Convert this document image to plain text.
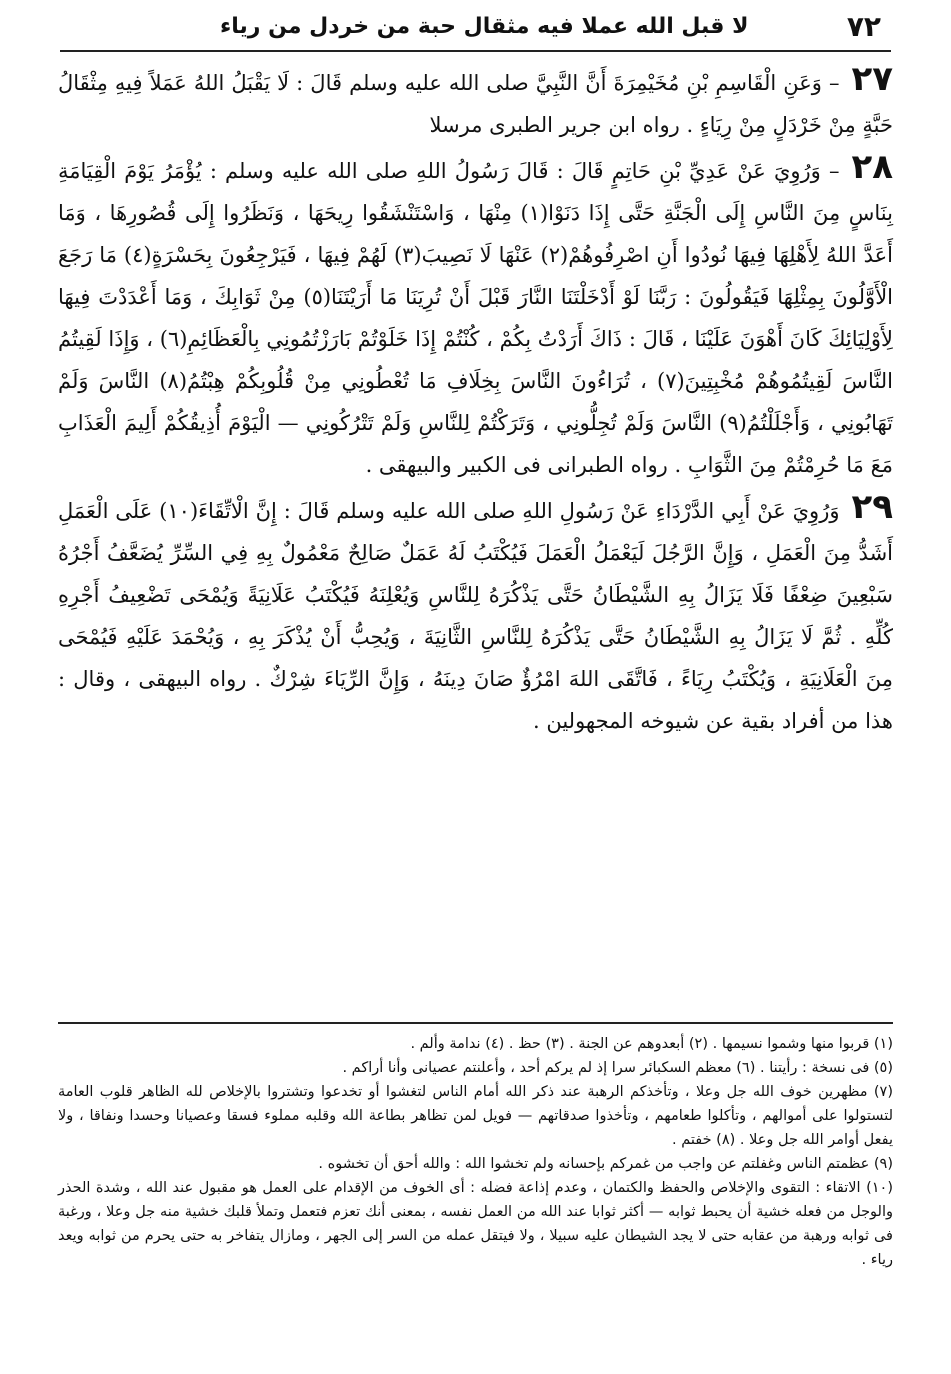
٧٢
لا قبل الله عملا فيه مثقال حبة من خردل من رياء

٢٧– وَعَنِ الْقَاسِمِ بْنِ مُخَيْمِرَةَ أَنَّ النَّبِيَّ صلى الله عليه وسلم قَالَ : لَا يَقْبَلُ اللهُ عَمَلاً فِيهِ مِثْقَالُ حَبَّةٍ مِنْ خَرْدَلٍ مِنْ رِيَاءٍ . رواه ابن جرير الطبرى مرسلا

٢٨– وَرُوِيَ عَنْ عَدِيِّ بْنِ حَاتِمٍ قَالَ : قَالَ رَسُولُ اللهِ صلى الله عليه وسلم : يُؤْمَرُ يَوْمَ الْقِيَامَةِ بِنَاسٍ مِنَ النَّاسِ إِلَى الْجَنَّةِ حَتَّى إِذَا دَنَوْا(١) مِنْهَا ، وَاسْتَنْشَقُوا رِيحَهَا ، وَنَظَرُوا إِلَى قُصُورِهَا ، وَمَا أَعَدَّ اللهُ لِأَهْلِهَا فِيهَا نُودُوا أَنِ اصْرِفُوهُمْ(٢) عَنْهَا لَا نَصِيبَ(٣) لَهُمْ فِيهَا ، فَيَرْجِعُونَ بِحَسْرَةٍ(٤) مَا رَجَعَ الْأَوَّلُونَ بِمِثْلِهَا فَيَقُولُونَ : رَبَّنَا لَوْ أَدْخَلْتَنَا النَّارَ قَبْلَ أَنْ تُرِيَنَا مَا أَرَيْتَنَا(٥) مِنْ ثَوَابِكَ ، وَمَا أَعْدَدْتَ فِيهَا لِأَوْلِيَائِكَ كَانَ أَهْوَنَ عَلَيْنَا ، قَالَ : ذَاكَ أَرَدْتُ بِكُمْ ، كُنْتُمْ إِذَا خَلَوْتُمْ بَارَزْتُمُونِي بِالْعَظَائِمِ(٦) ، وَإِذَا لَقِيتُمُ النَّاسَ لَقِيتُمُوهُمْ مُخْبِتِينَ(٧) ، تُرَاءُونَ النَّاسَ بِخِلَافِ مَا تُعْطُونِي مِنْ قُلُوبِكُمْ هِبْتُمُ(٨) النَّاسَ وَلَمْ تَهَابُونِي ، وَأَجْلَلْتُمُ(٩) النَّاسَ وَلَمْ تُجِلُّونِي ، وَتَرَكْتُمْ لِلنَّاسِ وَلَمْ تَتْرُكُونِي — الْيَوْمَ أُذِيقُكُمْ أَلِيمَ الْعَذَابِ مَعَ مَا حُرِمْتُمْ مِنَ الثَّوَابِ . رواه الطبرانى فى الكبير والبيهقى .

٢٩وَرُوِيَ عَنْ أَبِي الدَّرْدَاءِ عَنْ رَسُولِ اللهِ صلى الله عليه وسلم قَالَ : إِنَّ الْاتِّقَاءَ(١٠) عَلَى الْعَمَلِ أَشَدُّ مِنَ الْعَمَلِ ، وَإِنَّ الرَّجُلَ لَيَعْمَلُ الْعَمَلَ فَيُكْتَبُ لَهُ عَمَلٌ صَالِحٌ مَعْمُولٌ بِهِ فِي السِّرِّ يُضَعَّفُ أَجْرُهُ سَبْعِينَ ضِعْفًا فَلَا يَزَالُ بِهِ الشَّيْطَانُ حَتَّى يَذْكُرَهُ لِلنَّاسِ وَيُعْلِنَهُ فَيُكْتَبُ عَلَانِيَةً وَيُمْحَى تَضْعِيفُ أَجْرِهِ كُلِّهِ . ثُمَّ لَا يَزَالُ بِهِ الشَّيْطَانُ حَتَّى يَذْكُرَهُ لِلنَّاسِ الثَّانِيَةَ ، وَيُحِبُّ أَنْ يُذْكَرَ بِهِ ، وَيُحْمَدَ عَلَيْهِ فَيُمْحَى مِنَ الْعَلَانِيَةِ ، وَيُكْتَبُ رِيَاءً ، فَاتَّقَى اللهَ امْرُؤٌ صَانَ دِينَهُ ، وَإِنَّ الرِّيَاءَ شِرْكٌ . رواه البيهقى ، وقال : هذا من أفراد بقية عن شيوخه المجهولين .

(١) قربوا منها وشموا نسيمها . (٢) أبعدوهم عن الجنة . (٣) حظ . (٤) ندامة وألم .

(٥) فى نسخة : رأيتنا . (٦) معظم السكبائر سرا إذ لم يركم أحد ، وأعلنتم عصيانى وأنا أراكم .

(٧) مظهرين خوف الله جل وعلا ، وتأخذكم الرهبة عند ذكر الله أمام الناس لتغشوا أو تخدعوا وتشتروا بالإخلاص لله الظاهر قلوب العامة لتستولوا على أموالهم ، وتأكلوا طعامهم ، وتأخذوا صدقاتهم — فويل لمن تظاهر بطاعة الله وقلبه مملوء فسقا وعصيانا وحسدا ونفاقا ، ولا يفعل أوامر الله جل وعلا . (٨) خفتم .

(٩) عظمتم الناس وغفلتم عن واجب من غمركم بإحسانه ولم تخشوا الله : والله أحق أن تخشوه .

(١٠) الاتقاء : التقوى والإخلاص والحفظ والكتمان ، وعدم إذاعة فضله : أى الخوف من الإقدام على العمل هو مقبول عند الله ، وشدة الحذر والوجل من فعله خشية أن يحبط ثوابه — أكثر ثوابا عند الله من العمل نفسه ، بمعنى أنك تعزم فتعمل وتملأ قلبك خشية منه جل وعلا ، ورغبة فى ثوابه ورهبة من عقابه حتى لا يجد الشيطان عليه سبيلا ، ولا فيتقل عمله من السر إلى الجهر ، ومازال يتفاخر به حتى يحرم من ثوابه ويعد رياء .
